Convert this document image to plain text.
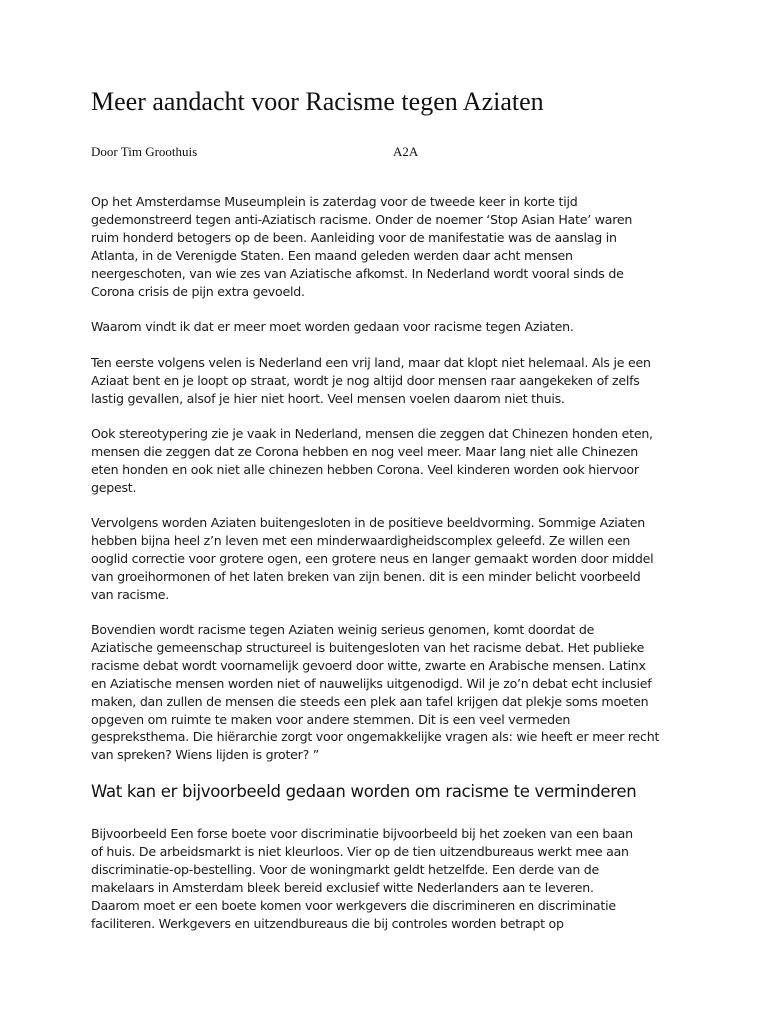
Meer aandacht voor Racisme tegen Aziaten
Door Tim Groothuis	A2A

Op het Amsterdamse Museumplein is zaterdag voor de tweede keer in korte tijd
gedemonstreerd tegen anti-Aziatisch racisme. Onder de noemer ‘Stop Asian Hate’ waren
ruim honderd betogers op de been. Aanleiding voor de manifestatie was de aanslag in
Atlanta, in de Verenigde Staten. Een maand geleden werden daar acht mensen
neergeschoten, van wie zes van Aziatische afkomst. In Nederland wordt vooral sinds de
Corona crisis de pijn extra gevoeld.

Waarom vindt ik dat er meer moet worden gedaan voor racisme tegen Aziaten.

Ten eerste volgens velen is Nederland een vrij land, maar dat klopt niet helemaal. Als je een
Aziaat bent en je loopt op straat, wordt je nog altijd door mensen raar aangekeken of zelfs
lastig gevallen, alsof je hier niet hoort. Veel mensen voelen daarom niet thuis.

Ook stereotypering zie je vaak in Nederland, mensen die zeggen dat Chinezen honden eten,
mensen die zeggen dat ze Corona hebben en nog veel meer. Maar lang niet alle Chinezen
eten honden en ook niet alle chinezen hebben Corona. Veel kinderen worden ook hiervoor
gepest.

Vervolgens worden Aziaten buitengesloten in de positieve beeldvorming. Sommige Aziaten
hebben bijna heel z’n leven met een minderwaardigheidscomplex geleefd. Ze willen een
ooglid correctie voor grotere ogen, een grotere neus en langer gemaakt worden door middel
van groeihormonen of het laten breken van zijn benen. dit is een minder belicht voorbeeld
van racisme.

Bovendien wordt racisme tegen Aziaten weinig serieus genomen, komt doordat de
Aziatische gemeenschap structureel is buitengesloten van het racisme debat. Het publieke
racisme debat wordt voornamelijk gevoerd door witte, zwarte en Arabische mensen. Latinx
en Aziatische mensen worden niet of nauwelijks uitgenodigd. Wil je zo’n debat echt inclusief
maken, dan zullen de mensen die steeds een plek aan tafel krijgen dat plekje soms moeten
opgeven om ruimte te maken voor andere stemmen. Dit is een veel vermeden
gespreksthema. Die hiërarchie zorgt voor ongemakkelijke vragen als: wie heeft er meer recht
van spreken? Wiens lijden is groter? ”

Wat kan er bijvoorbeeld gedaan worden om racisme te verminderen

Bijvoorbeeld Een forse boete voor discriminatie bijvoorbeeld bij het zoeken van een baan
of huis. De arbeidsmarkt is niet kleurloos. Vier op de tien uitzendbureaus werkt mee aan
discriminatie-op-bestelling. Voor de woningmarkt geldt hetzelfde. Een derde van de
makelaars in Amsterdam bleek bereid exclusief witte Nederlanders aan te leveren.
Daarom moet er een boete komen voor werkgevers die discrimineren en discriminatie
faciliteren. Werkgevers en uitzendbureaus die bij controles worden betrapt op
